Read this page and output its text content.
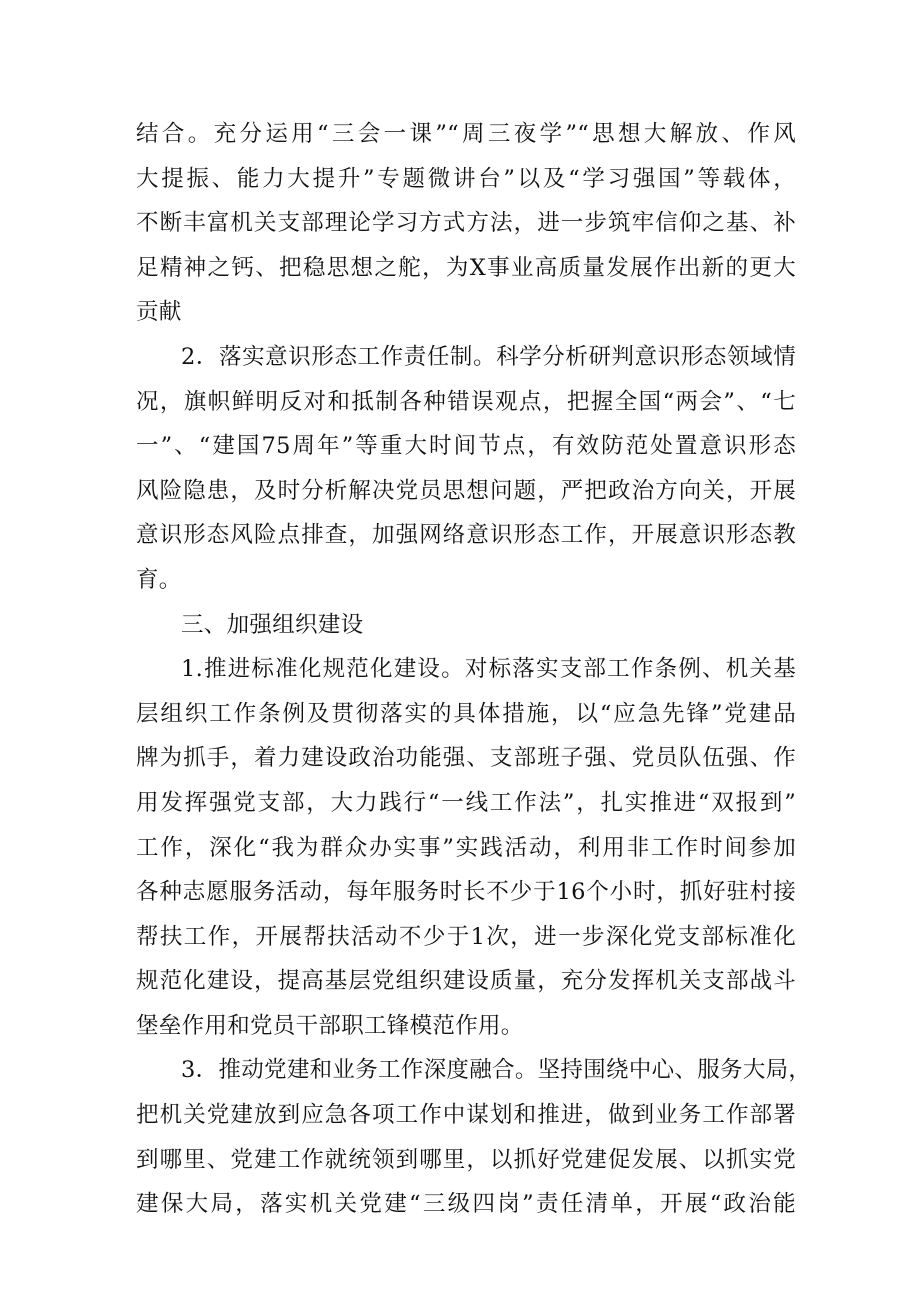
结合。充分运用“三会一课”“周三夜学”“思想大解放、作风
大提振、能力大提升”专题微讲台”以及“学习强国”等载体，
不断丰富机关支部理论学习方式方法，进一步筑牢信仰之基、补
足精神之钙、把稳思想之舵，为X事业高质量发展作出新的更大
贡献
2．落实意识形态工作责任制。科学分析研判意识形态领域情
况，旗帜鲜明反对和抵制各种错误观点，把握全国“两会”、“七
一”、“建国75周年”等重大时间节点，有效防范处置意识形态
风险隐患，及时分析解决党员思想问题，严把政治方向关，开展
意识形态风险点排查，加强网络意识形态工作，开展意识形态教
育。
三、加强组织建设
1.推进标准化规范化建设。对标落实支部工作条例、机关基
层组织工作条例及贯彻落实的具体措施，以“应急先锋”党建品
牌为抓手，着力建设政治功能强、支部班子强、党员队伍强、作
用发挥强党支部，大力践行“一线工作法”，扎实推进“双报到”
工作，深化“我为群众办实事”实践活动，利用非工作时间参加
各种志愿服务活动，每年服务时长不少于16个小时，抓好驻村接
帮扶工作，开展帮扶活动不少于1次，进一步深化党支部标准化
规范化建设，提高基层党组织建设质量，充分发挥机关支部战斗
堡垒作用和党员干部职工锋模范作用。
3．推动党建和业务工作深度融合。坚持围绕中心、服务大局，
把机关党建放到应急各项工作中谋划和推进，做到业务工作部署
到哪里、党建工作就统领到哪里，以抓好党建促发展、以抓实党
建保大局，落实机关党建“三级四岗”责任清单，开展“政治能
